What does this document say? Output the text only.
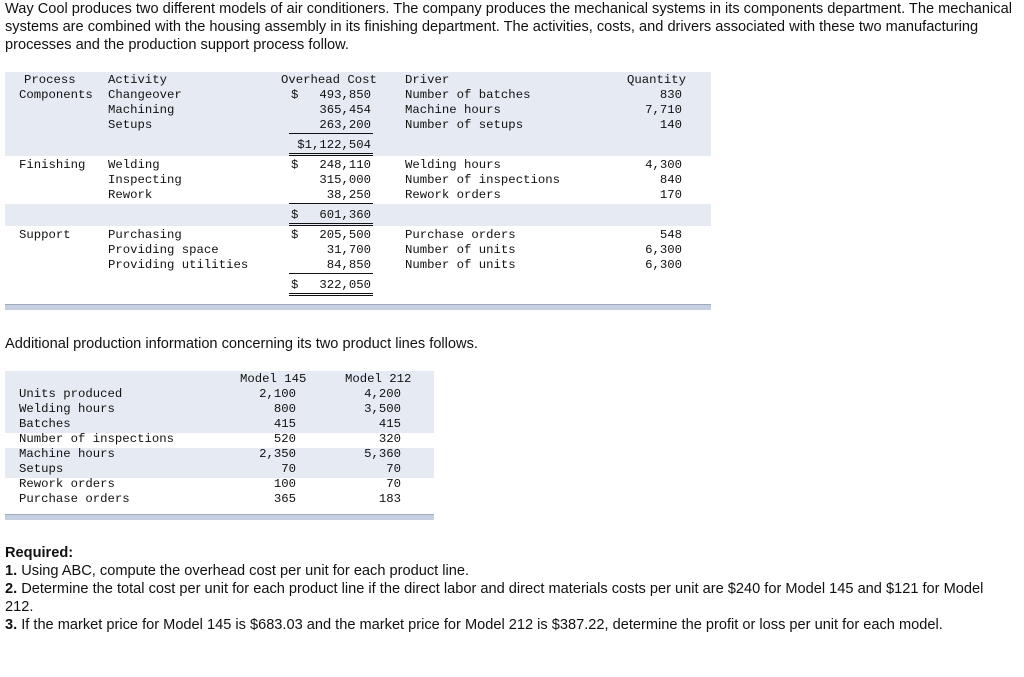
Way Cool produces two different models of air conditioners. The company produces the mechanical systems in its components department. The mechanical systems are combined with the housing assembly in its finishing department. The activities, costs, and drivers associated with these two manufacturing processes and the production support process follow.
Process	Activity	Overhead Cost Driver	Quantity
Components Changeover	$	493,850	Number of batches	830
Machining	365,454	Machine hours	7,710
Setups	263,200	Number of setups	140
$1,122,504
Finishing Welding	$	248,110	Welding hours	4,300
Inspecting	315,000	Number of inspections	840
Rework	38,250	Rework orders	170
$	601,360
Support	Purchasing	$	205,500	Purchase orders	548
Providing space	31,700	Number of units	6,300
Providing utilities	84,850	Number of units	6,300
$	322,050
Model 145	Model 212
Units produced	2,100	4,200
Welding hours	800	3,500
Batches	415	415
Number of inspections	520	320
Machine hours	2,350	5,360
Setups	70	70
Rework orders	100	70
Purchase orders	365	183
Additional production information concerning its two product lines follows.

Required:

1. Using ABC, compute the overhead cost per unit for each product line.

2. Determine the total cost per unit for each product line if the direct labor and direct materials costs per unit are $240 for Model 145 and $121 for Model 212.

3. If the market price for Model 145 is $683.03 and the market price for Model 212 is $387.22, determine the profit or loss per unit for each model.
